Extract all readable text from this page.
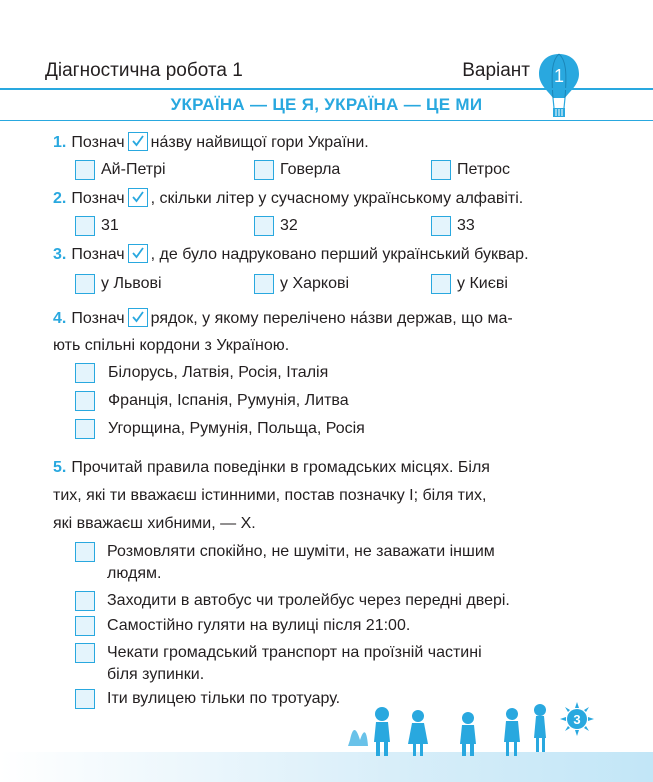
Діагностична робота 1	Варіант 1
УКРАЇНА — ЦЕ Я, УКРАЇНА — ЦЕ МИ
1. Познач на́зву найвищої гори України.
Ай-Петрі	Говерла	Петрос
2. Познач , скільки літер у сучасному українському алфавіті.
31	32	33
3. Познач , де було надруковано перший український буквар.
у Львові	у Харкові	у Києві
4. Познач рядок, у якому перелічено на́зви держав, що ма-
ють спільні кордони з Україною.
Білорусь, Латвія, Росія, Італія
Франція, Іспанія, Румунія, Литва
Угорщина, Румунія, Польща, Росія
5. Прочитай правила поведінки в громадських місцях. Біля
тих, які ти вважаєш істинними, постав позначку І; біля тих,
які вважаєш хибними, — Х.
Розмовляти спокійно, не шуміти, не заважати іншим
людям.
Заходити в автобус чи тролейбус через передні двері.
Самостійно гуляти на вулиці після 21:00.
Чекати громадський транспорт на проїзній частині
біля зупинки.
Іти вулицею тільки по тротуару.
3
